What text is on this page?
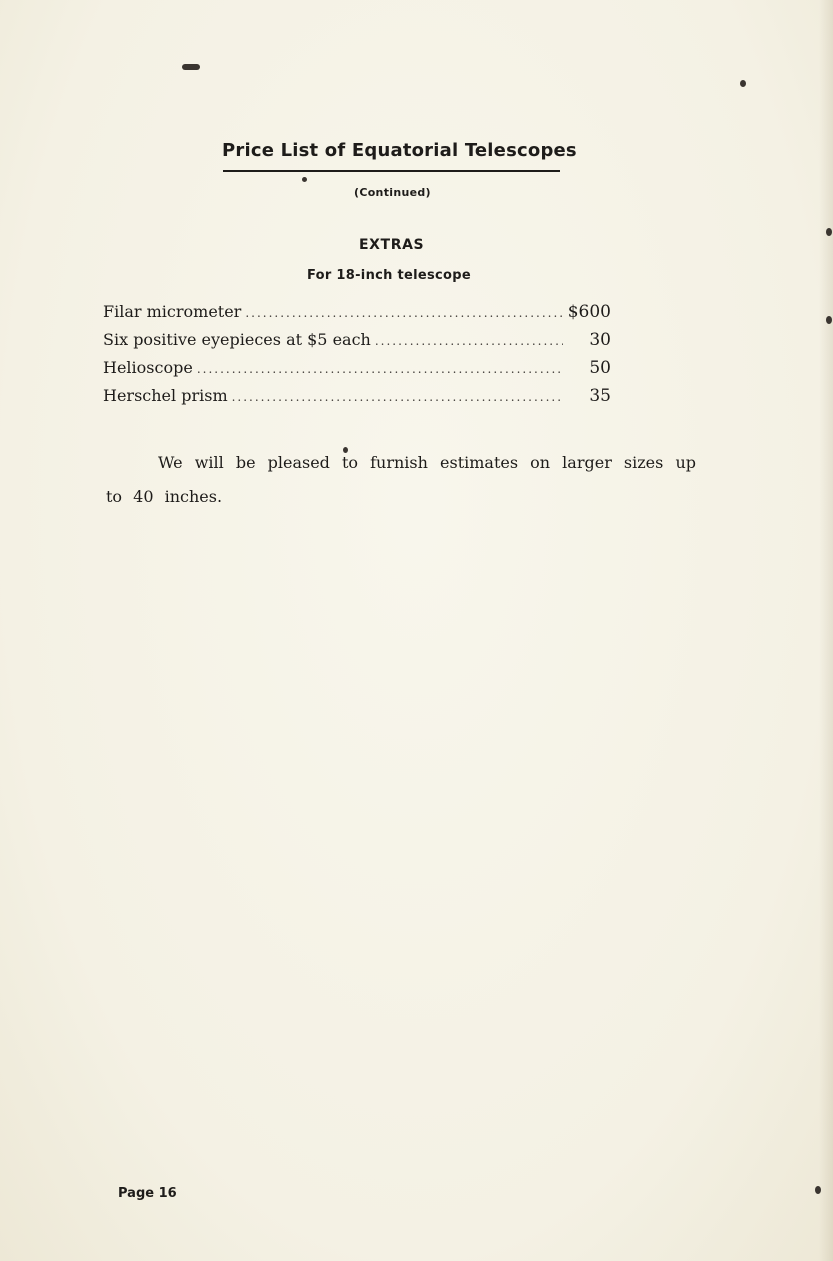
Price List of Equatorial Telescopes
(Continued)
EXTRAS
For 18-inch telescope
Filar micrometer .....	$600
Six positive eyepieces at $5 each .....	30
Helioscope .....	50
Herschel prism .....	35
We will be pleased to furnish estimates on larger sizes up to 40 inches.
Page 16
